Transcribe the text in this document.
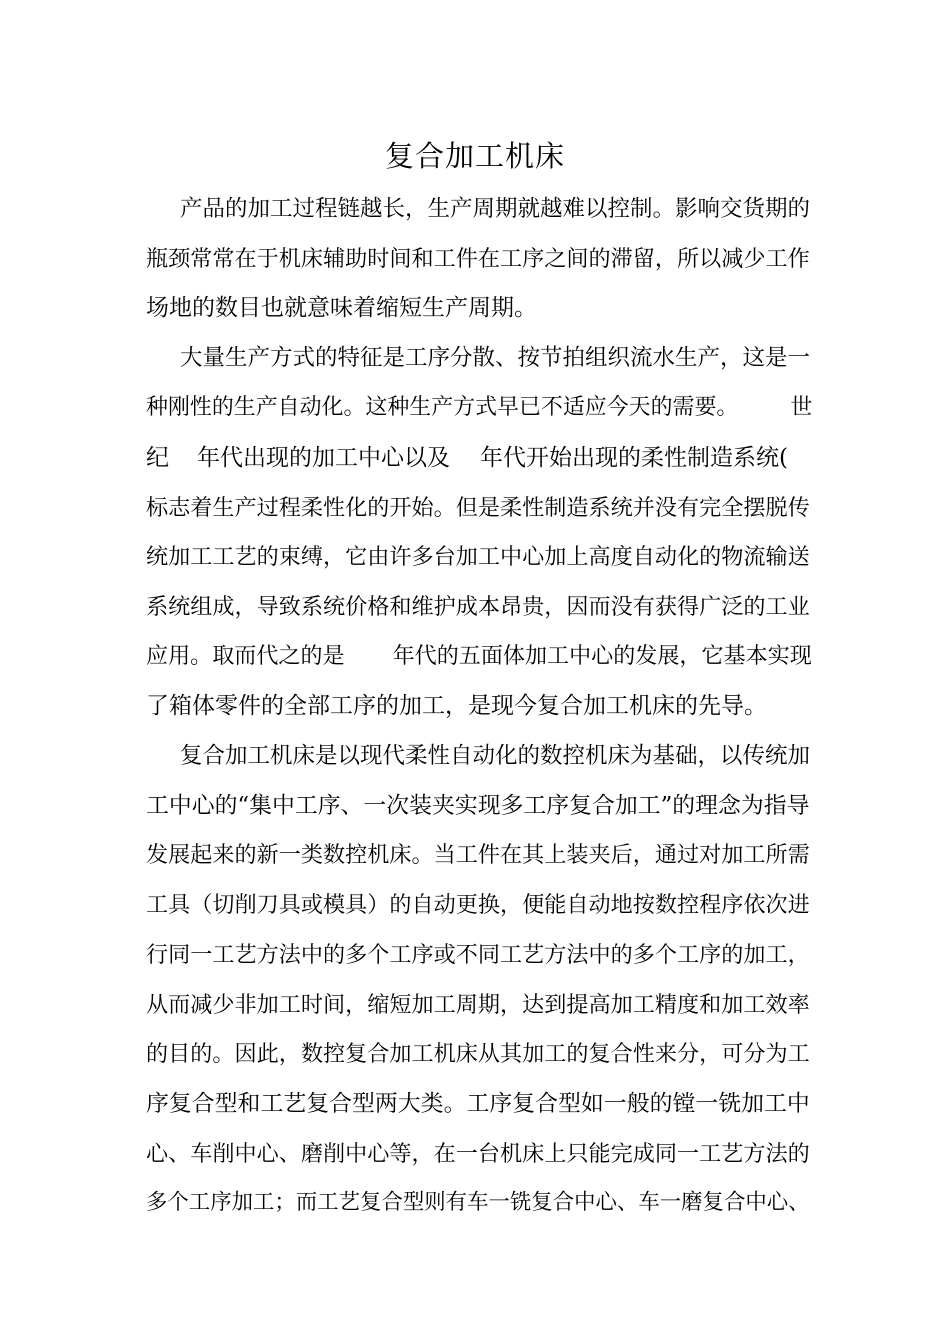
复合加工机床
产品的加工过程链越长，生产周期就越难以控制。影响交货期的
瓶颈常常在于机床辅助时间和工件在工序之间的滞留，所以减少工作
场地的数目也就意味着缩短生产周期。
大量生产方式的特征是工序分散、按节拍组织流水生产，这是一
种刚性的生产自动化。这种生产方式早已不适应今天的需要。 世
纪 年代出现的加工中心以及 年代开始出现的柔性制造系统(
标志着生产过程柔性化的开始。但是柔性制造系统并没有完全摆脱传
统加工工艺的束缚，它由许多台加工中心加上高度自动化的物流输送
系统组成，导致系统价格和维护成本昂贵，因而没有获得广泛的工业
应用。取而代之的是 年代的五面体加工中心的发展，它基本实现
了箱体零件的全部工序的加工，是现今复合加工机床的先导。
复合加工机床是以现代柔性自动化的数控机床为基础，以传统加
工中心的“集中工序、一次装夹实现多工序复合加工”的理念为指导
发展起来的新一类数控机床。当工件在其上装夹后，通过对加工所需
工具（切削刀具或模具）的自动更换，便能自动地按数控程序依次进
行同一工艺方法中的多个工序或不同工艺方法中的多个工序的加工，
从而减少非加工时间，缩短加工周期，达到提高加工精度和加工效率
的目的。因此，数控复合加工机床从其加工的复合性来分，可分为工
序复合型和工艺复合型两大类。工序复合型如一般的镗一铣加工中
心、车削中心、磨削中心等，在一台机床上只能完成同一工艺方法的
多个工序加工；而工艺复合型则有车一铣复合中心、车一磨复合中心、
